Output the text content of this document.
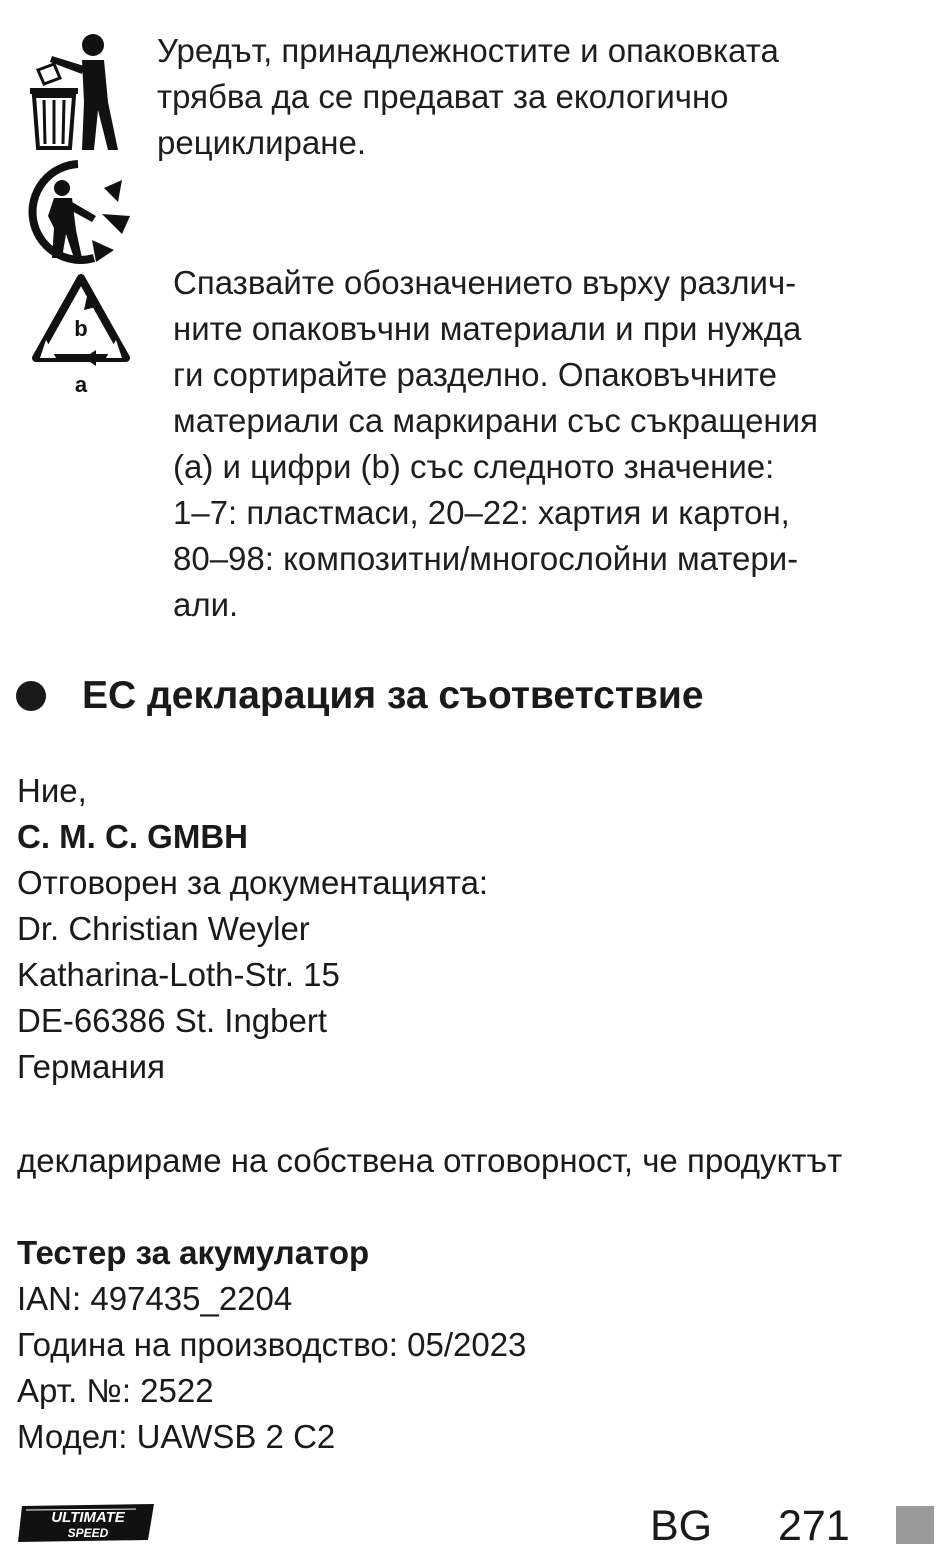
b
a
Уредът, принадлежностите и опаковката
трябва да се предават за екологично
рециклиране.
Спазвайте обозначението върху различ-
ните опаковъчни материали и при нужда
ги сортирайте разделно. Опаковъчните
материали са маркирани със съкращения
(a) и цифри (b) със следното значение:
1–7: пластмаси, 20–22: хартия и картон,
80–98: композитни/многослойни матери-
али.
ЕС декларация за съответствие
Ние,
C. M. C. GMBH
Отговорен за документацията:
Dr. Christian Weyler
Katharina-Loth-Str. 15
DE-66386 St. Ingbert
Германия
декларираме на собствена отговорност, че продуктът
Тестер за акумулатор
IAN: 497435_2204
Година на производство: 05/2023
Арт. №: 2522
Модел: UAWSB 2 C2
ULTIMATE
SPEED	BG 271
